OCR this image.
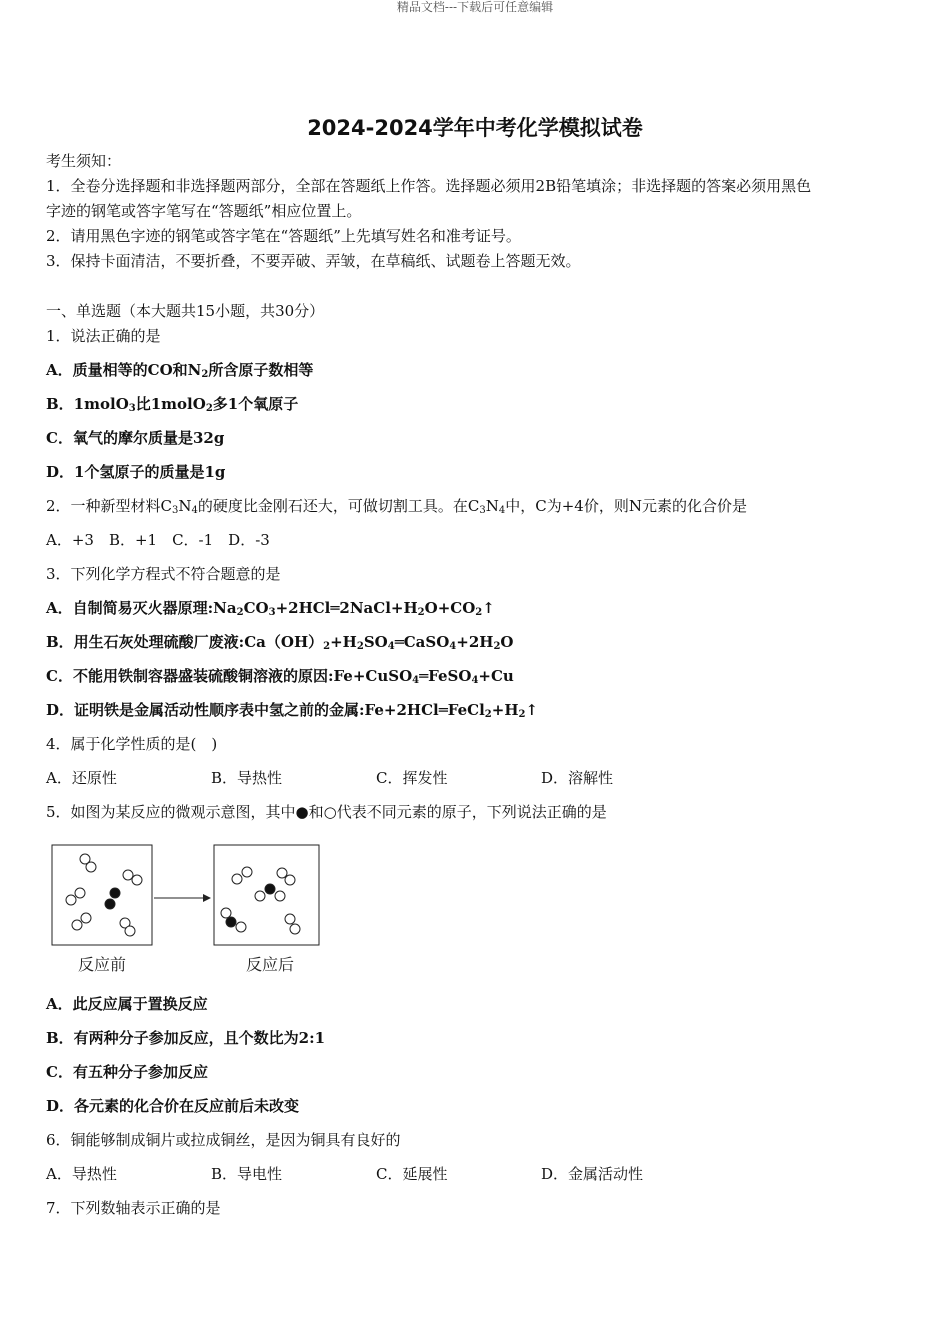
精品文档---下载后可任意编辑
2024-2024学年中考化学模拟试卷
考生须知：
1．全卷分选择题和非选择题两部分，全部在答题纸上作答。选择题必须用2B铅笔填涂；非选择题的答案必须用黑色
字迹的钢笔或答字笔写在“答题纸”相应位置上。
2．请用黑色字迹的钢笔或答字笔在“答题纸”上先填写姓名和准考证号。
3．保持卡面清洁，不要折叠，不要弄破、弄皱，在草稿纸、试题卷上答题无效。
一、单选题（本大题共15小题，共30分）
1．说法正确的是
A．质量相等的CO和$N_2$所含原子数相等
B．1molO$_3$比1molO$_2$多1个氧原子
C．氧气的摩尔质量是32g
D．1个氢原子的质量是1g
2．一种新型材料$C_3N_4$的硬度比金刚石还大，可做切割工具。在$C_3N_4$中，C为+4价，则N元素的化合价是
A．+3　B．+1　C．-1　D．-3
3．下列化学方程式不符合题意的是
A．自制简易灭火器原理$:Na_2CO_3+2HCl═2NaCl+H_2O+CO_2↑$
B．用生石灰处理硫酸厂废液$:Ca(OH)_2+H_2SO_4═CaSO_4+2H_2O$
C．不能用铁制容器盛装硫酸铜溶液的原因:Fe+CuSO$_4$═FeSO$_4$+Cu
D．证明铁是金属活动性顺序表中氢之前的金属$:Fe+2HCl═FeCl_2+H_2↑$
4．属于化学性质的是(　)
A．还原性	B．导热性	C．挥发性	D．溶解性
5．如图为某反应的微观示意图，其中●和○代表不同元素的原子，下列说法正确的是
反应前	反应后
A．此反应属于置换反应
B．有两种分子参加反应，且个数比为2:1
C．有五种分子参加反应
D．各元素的化合价在反应前后未改变
6．铜能够制成铜片或拉成铜丝，是因为铜具有良好的
A．导热性	B．导电性	C．延展性	D．金属活动性
7．下列数轴表示正确的是
